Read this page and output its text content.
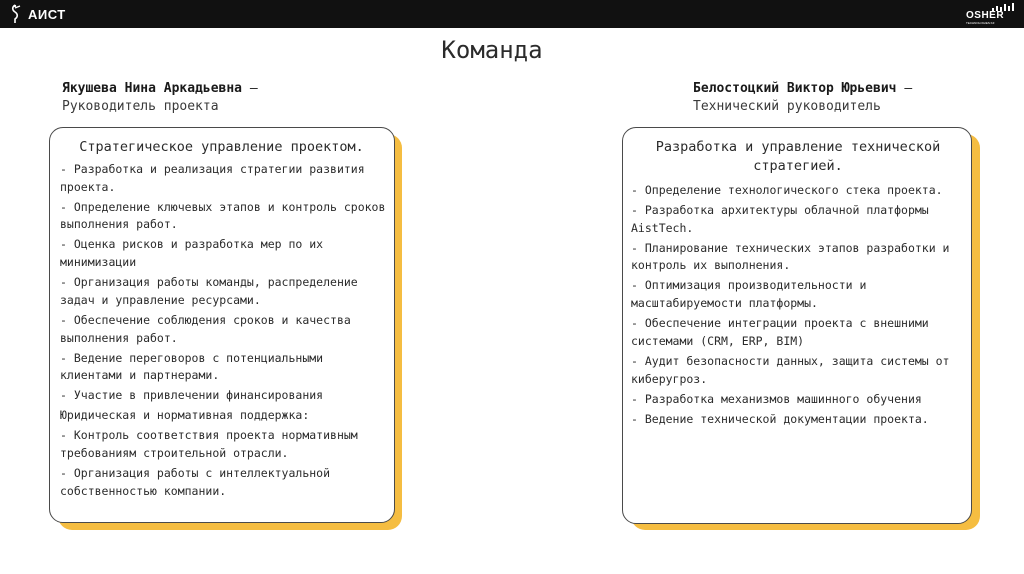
АИСТ	OSHER
TECHNOLOGIES KZ
Команда
Якушева Нина Аркадьевна —
Руководитель проекта
Стратегическое управление проектом.
- Разработка и реализация стратегии развития проекта.
- Определение ключевых этапов и контроль сроков выполнения работ.
- Оценка рисков и разработка мер по их минимизации
- Организация работы команды, распределение задач и управление ресурсами.
- Обеспечение соблюдения сроков и качества выполнения работ.
- Ведение переговоров с потенциальными клиентами и партнерами.
- Участие в привлечении финансирования
Юридическая и нормативная поддержка:
- Контроль соответствия проекта нормативным требованиям строительной отрасли.
- Организация работы с интеллектуальной собственностью компании.
Белостоцкий Виктор Юрьевич —
Технический руководитель
Разработка и управление технической стратегией.
- Определение технологического стека проекта.
- Разработка архитектуры облачной платформы AistTech.
- Планирование технических этапов разработки и контроль их выполнения.
- Оптимизация производительности и масштабируемости платформы.
- Обеспечение интеграции проекта с внешними системами (CRM, ERP, BIM)
- Аудит безопасности данных, защита системы от киберугроз.
- Разработка механизмов машинного обучения
- Ведение технической документации проекта.
